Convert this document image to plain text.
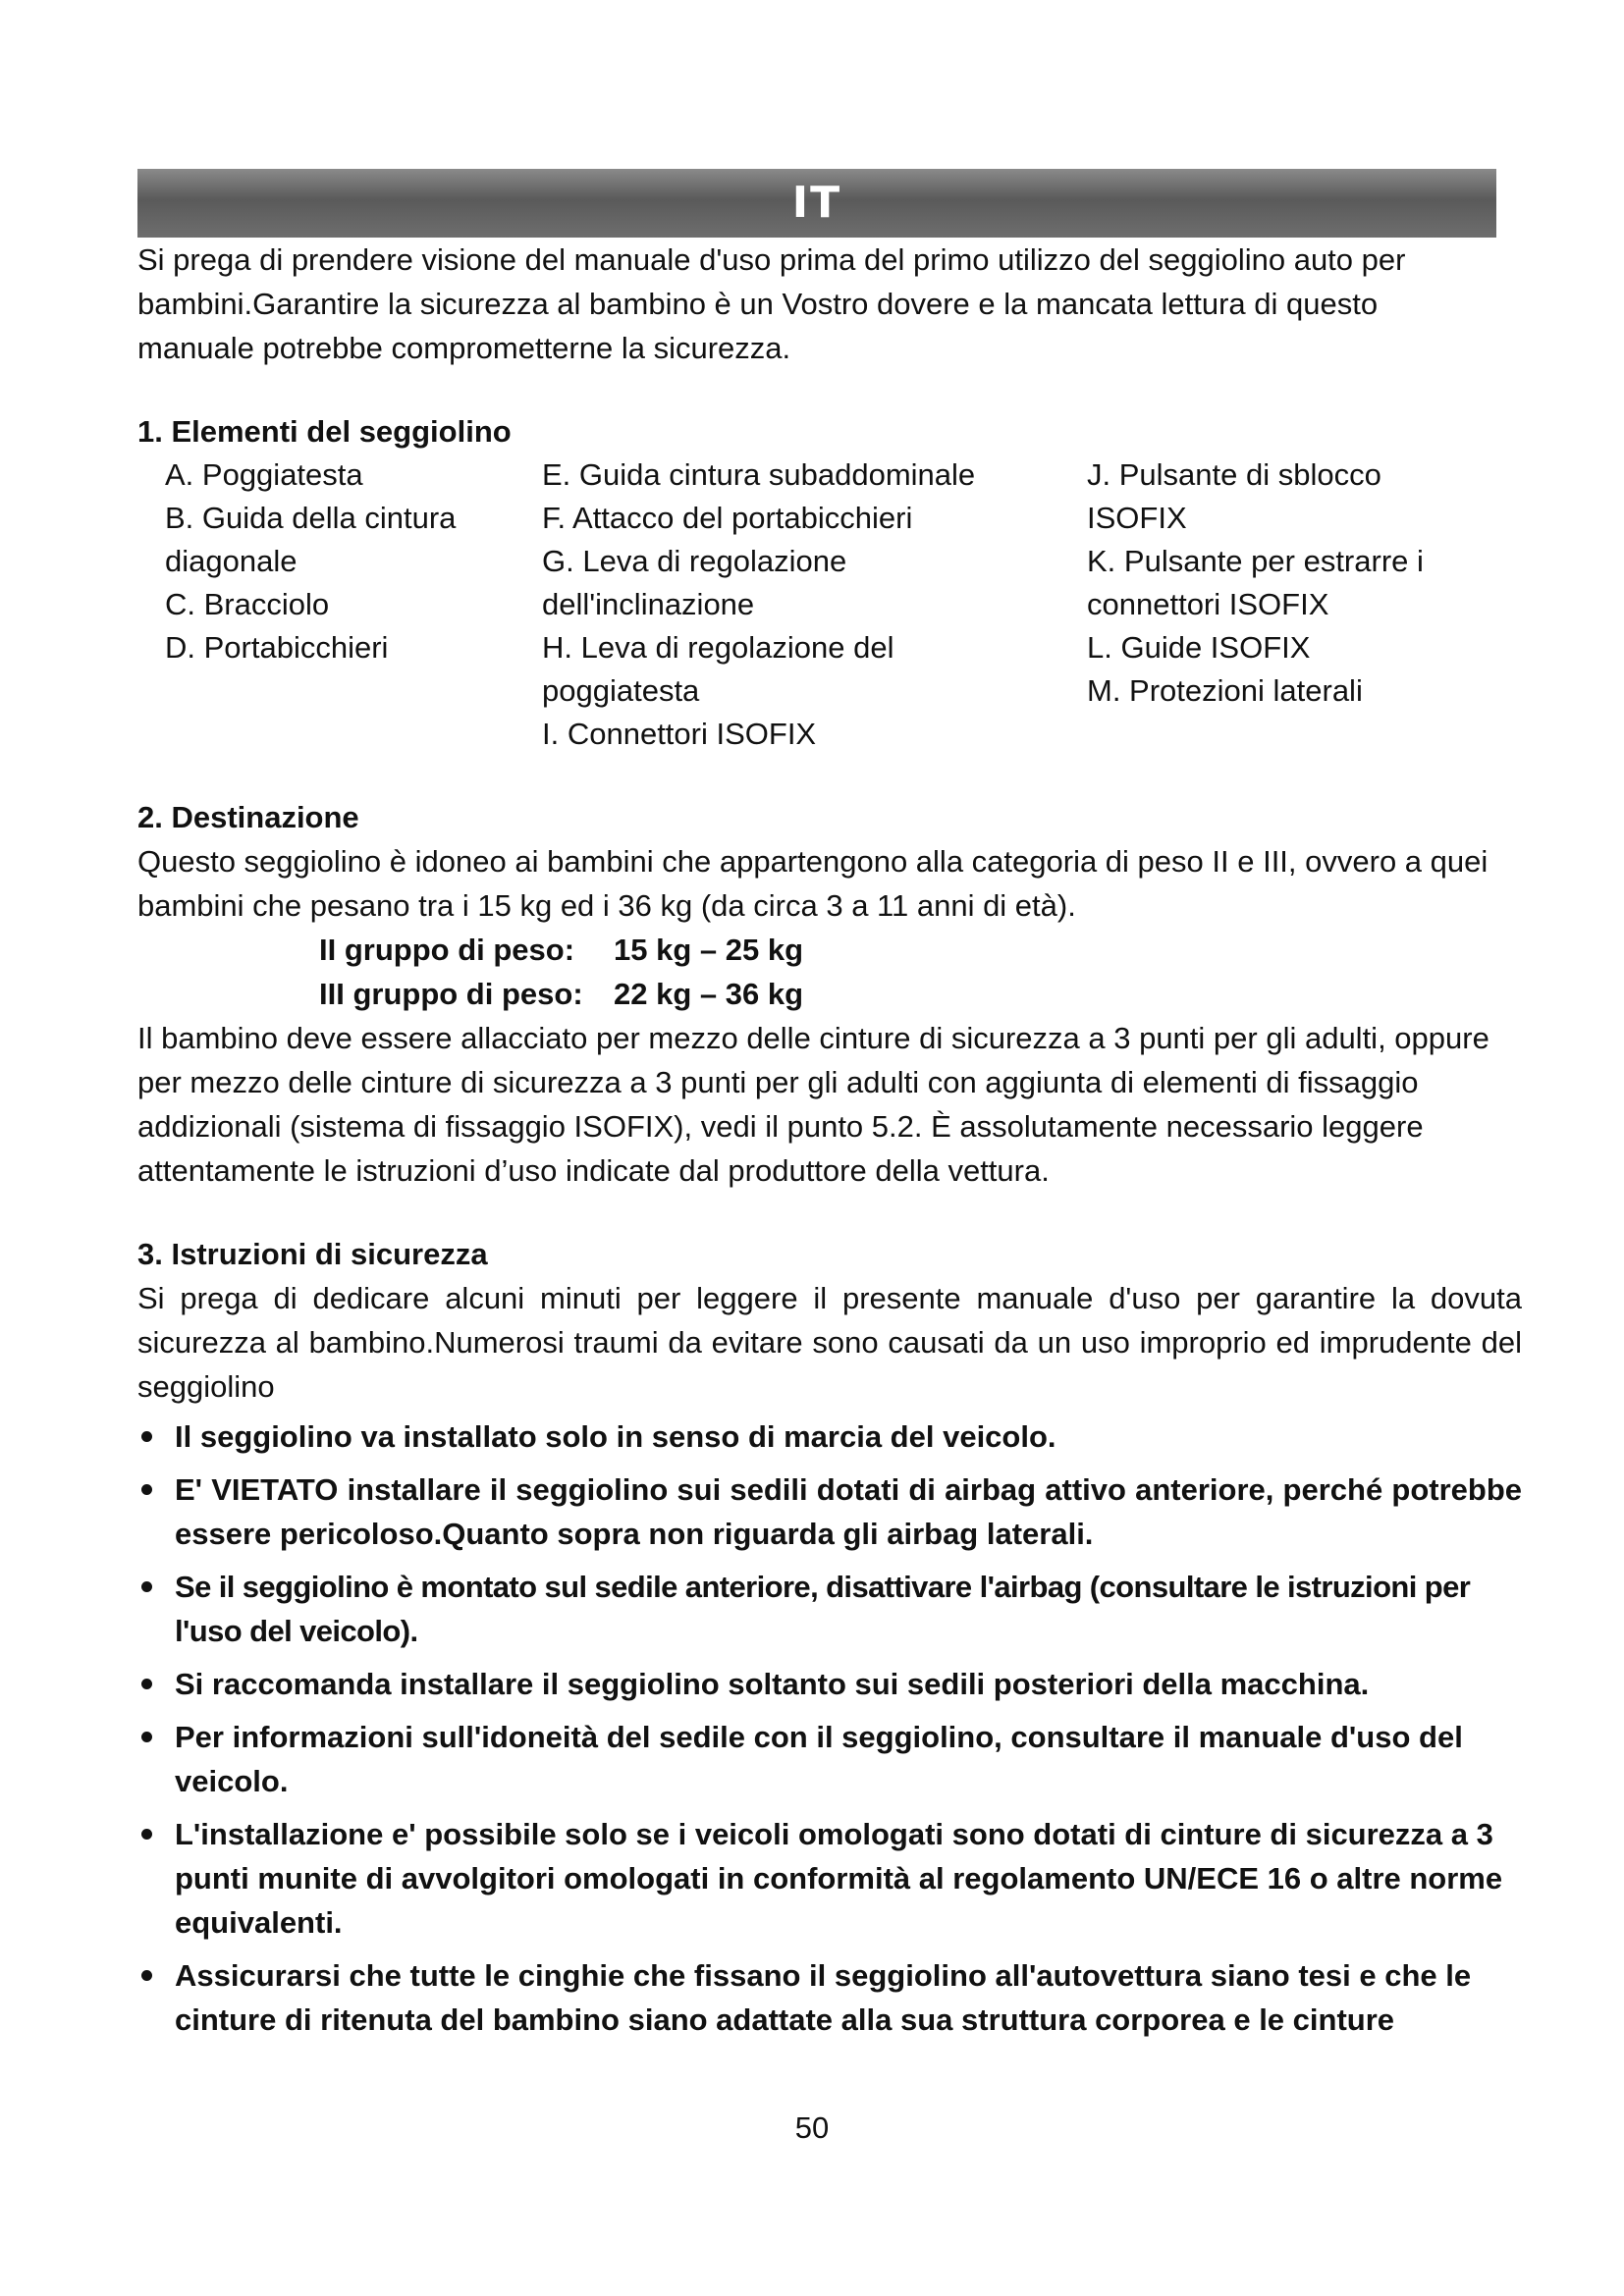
IT

Si prega di prendere visione del manuale d'uso prima del primo utilizzo del seggiolino auto per bambini.Garantire la sicurezza al bambino è un Vostro dovere e la mancata lettura di questo manuale potrebbe comprometterne la sicurezza.

1. Elementi del seggiolino

A. Poggiatesta

B. Guida della cintura diagonale

C. Bracciolo

D. Portabicchieri

E. Guida cintura subaddominale

F. Attacco del portabicchieri

G. Leva di regolazione dell'inclinazione

H. Leva di regolazione del poggiatesta

I. Connettori ISOFIX

J. Pulsante di sblocco ISOFIX

K. Pulsante per estrarre i connettori ISOFIX

L. Guide ISOFIX

M. Protezioni laterali

2. Destinazione

Questo seggiolino è idoneo ai bambini che appartengono alla categoria di peso II e III, ovvero a quei bambini che pesano tra i 15 kg ed i 36 kg (da circa 3 a 11 anni di età).

II gruppo di peso:	15 kg – 25 kg
III gruppo di peso:	22 kg – 36 kg

Il bambino deve essere allacciato per mezzo delle cinture di sicurezza a 3 punti per gli adulti, oppure per mezzo delle cinture di sicurezza a 3 punti per gli adulti con aggiunta di elementi di fissaggio addizionali (sistema di fissaggio ISOFIX), vedi il punto 5.2. È assolutamente necessario leggere attentamente le istruzioni d’uso indicate dal produttore della vettura.

3. Istruzioni di sicurezza

Si prega di dedicare alcuni minuti per leggere il presente manuale d'uso per garantire la dovuta sicurezza al bambino.Numerosi traumi da evitare sono causati da un uso improprio ed imprudente del seggiolino

Il seggiolino va installato solo in senso di marcia del veicolo.
E' VIETATO installare il seggiolino sui sedili dotati di airbag attivo anteriore, perché potrebbe essere pericoloso.Quanto sopra non riguarda gli airbag laterali.
Se il seggiolino è montato sul sedile anteriore, disattivare l'airbag (consultare le istruzioni per l'uso del veicolo).
Si raccomanda installare il seggiolino soltanto sui sedili posteriori della macchina.
Per informazioni sull'idoneità del sedile con il seggiolino, consultare il manuale d'uso del veicolo.
L'installazione e' possibile solo se i veicoli omologati sono dotati di cinture di sicurezza a 3 punti munite di avvolgitori omologati in conformità al regolamento UN/ECE 16 o altre norme equivalenti.
Assicurarsi che tutte le cinghie che fissano il seggiolino all'autovettura siano tesi e che le cinture di ritenuta del bambino siano adattate alla sua struttura corporea e le cinture
50
